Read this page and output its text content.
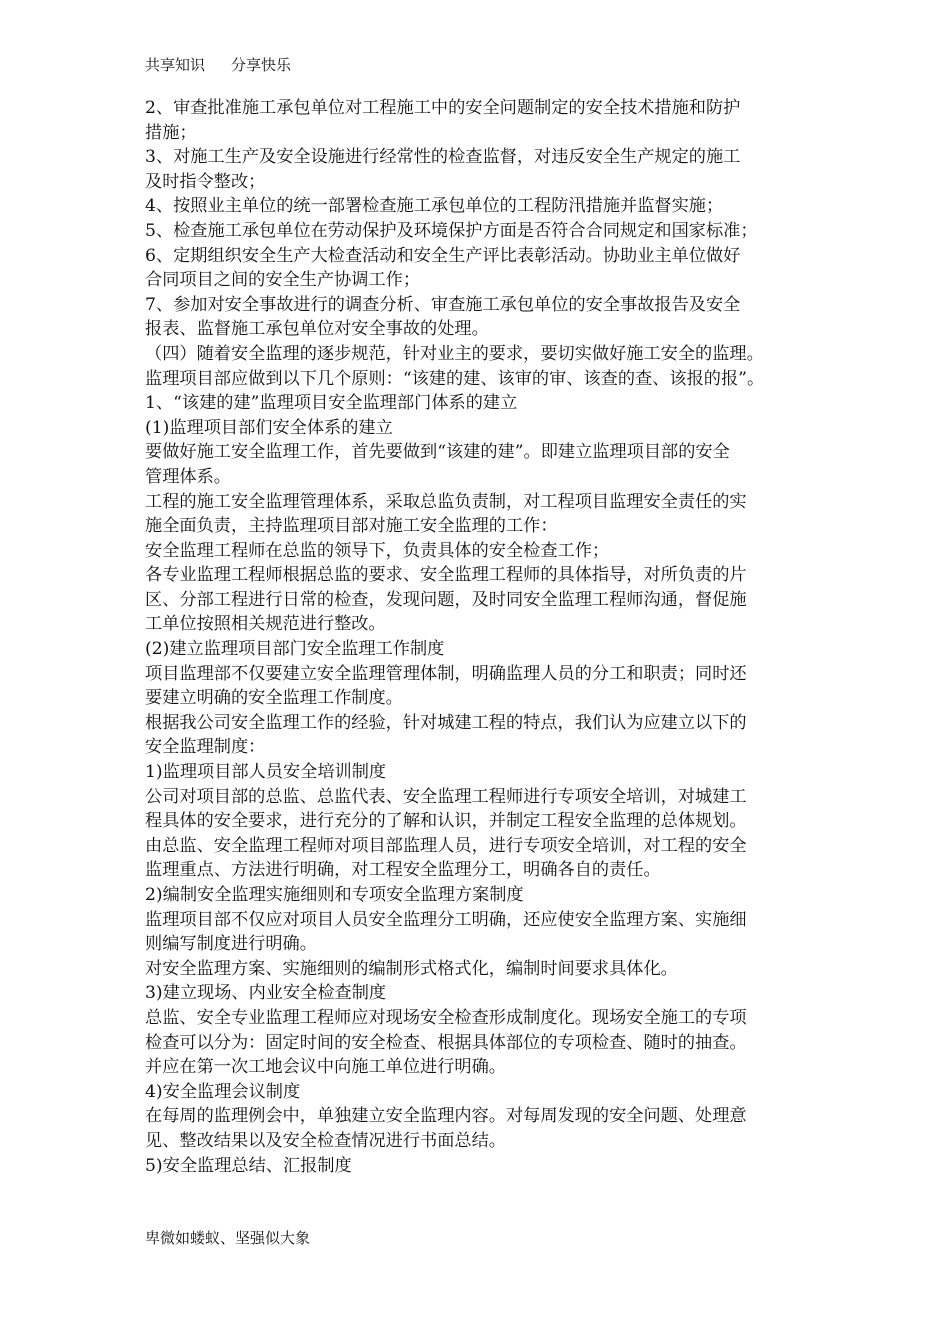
共享知识 分享快乐
2、审查批准施工承包单位对工程施工中的安全问题制定的安全技术措施和防护
措施；
3、对施工生产及安全设施进行经常性的检查监督，对违反安全生产规定的施工
及时指令整改；
4、按照业主单位的统一部署检查施工承包单位的工程防汛措施并监督实施；
5、检查施工承包单位在劳动保护及环境保护方面是否符合合同规定和国家标准；
6、定期组织安全生产大检查活动和安全生产评比表彰活动。协助业主单位做好
合同项目之间的安全生产协调工作；
7、参加对安全事故进行的调查分析、审查施工承包单位的安全事故报告及安全
报表、监督施工承包单位对安全事故的处理。
（四）随着安全监理的逐步规范，针对业主的要求，要切实做好施工安全的监理。
监理项目部应做到以下几个原则：“该建的建、该审的审、该查的查、该报的报”。
1、“该建的建”监理项目安全监理部门体系的建立
(1)监理项目部们安全体系的建立
要做好施工安全监理工作，首先要做到“该建的建”。即建立监理项目部的安全
管理体系。
工程的施工安全监理管理体系，采取总监负责制，对工程项目监理安全责任的实
施全面负责，主持监理项目部对施工安全监理的工作：
安全监理工程师在总监的领导下，负责具体的安全检查工作；
各专业监理工程师根据总监的要求、安全监理工程师的具体指导，对所负责的片
区、分部工程进行日常的检查，发现问题，及时同安全监理工程师沟通，督促施
工单位按照相关规范进行整改。
(2)建立监理项目部门安全监理工作制度
项目监理部不仅要建立安全监理管理体制，明确监理人员的分工和职责；同时还
要建立明确的安全监理工作制度。
根据我公司安全监理工作的经验，针对城建工程的特点，我们认为应建立以下的
安全监理制度：
1)监理项目部人员安全培训制度
公司对项目部的总监、总监代表、安全监理工程师进行专项安全培训，对城建工
程具体的安全要求，进行充分的了解和认识，并制定工程安全监理的总体规划。
由总监、安全监理工程师对项目部监理人员，进行专项安全培训，对工程的安全
监理重点、方法进行明确，对工程安全监理分工，明确各自的责任。
2)编制安全监理实施细则和专项安全监理方案制度
监理项目部不仅应对项目人员安全监理分工明确，还应使安全监理方案、实施细
则编写制度进行明确。
对安全监理方案、实施细则的编制形式格式化，编制时间要求具体化。
3)建立现场、内业安全检查制度
总监、安全专业监理工程师应对现场安全检查形成制度化。现场安全施工的专项
检查可以分为：固定时间的安全检查、根据具体部位的专项检查、随时的抽查。
并应在第一次工地会议中向施工单位进行明确。
4)安全监理会议制度
在每周的监理例会中，单独建立安全监理内容。对每周发现的安全问题、处理意
见、整改结果以及安全检查情况进行书面总结。
5)安全监理总结、汇报制度
卑微如蝼蚁、坚强似大象
